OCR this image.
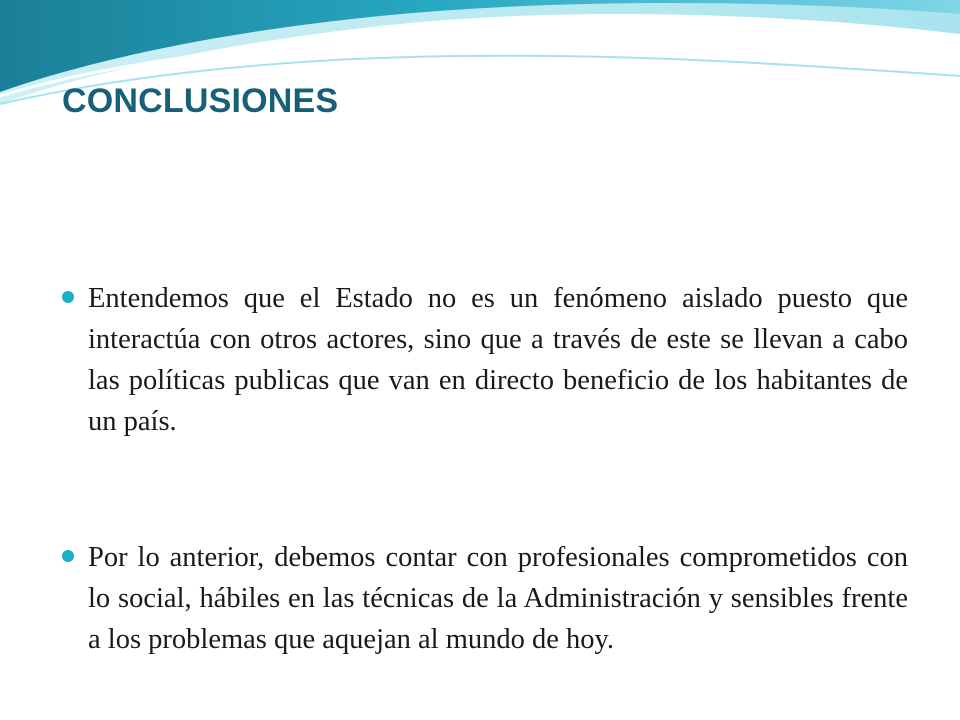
CONCLUSIONES
Entendemos que el Estado no es un fenómeno aislado puesto que interactúa con otros actores, sino que a través de este se llevan a cabo las políticas publicas que van en directo beneficio de los habitantes de un país.
Por lo anterior, debemos contar con profesionales comprometidos con lo social, hábiles en las técnicas de la Administración y sensibles frente a los problemas que aquejan al mundo de hoy.
